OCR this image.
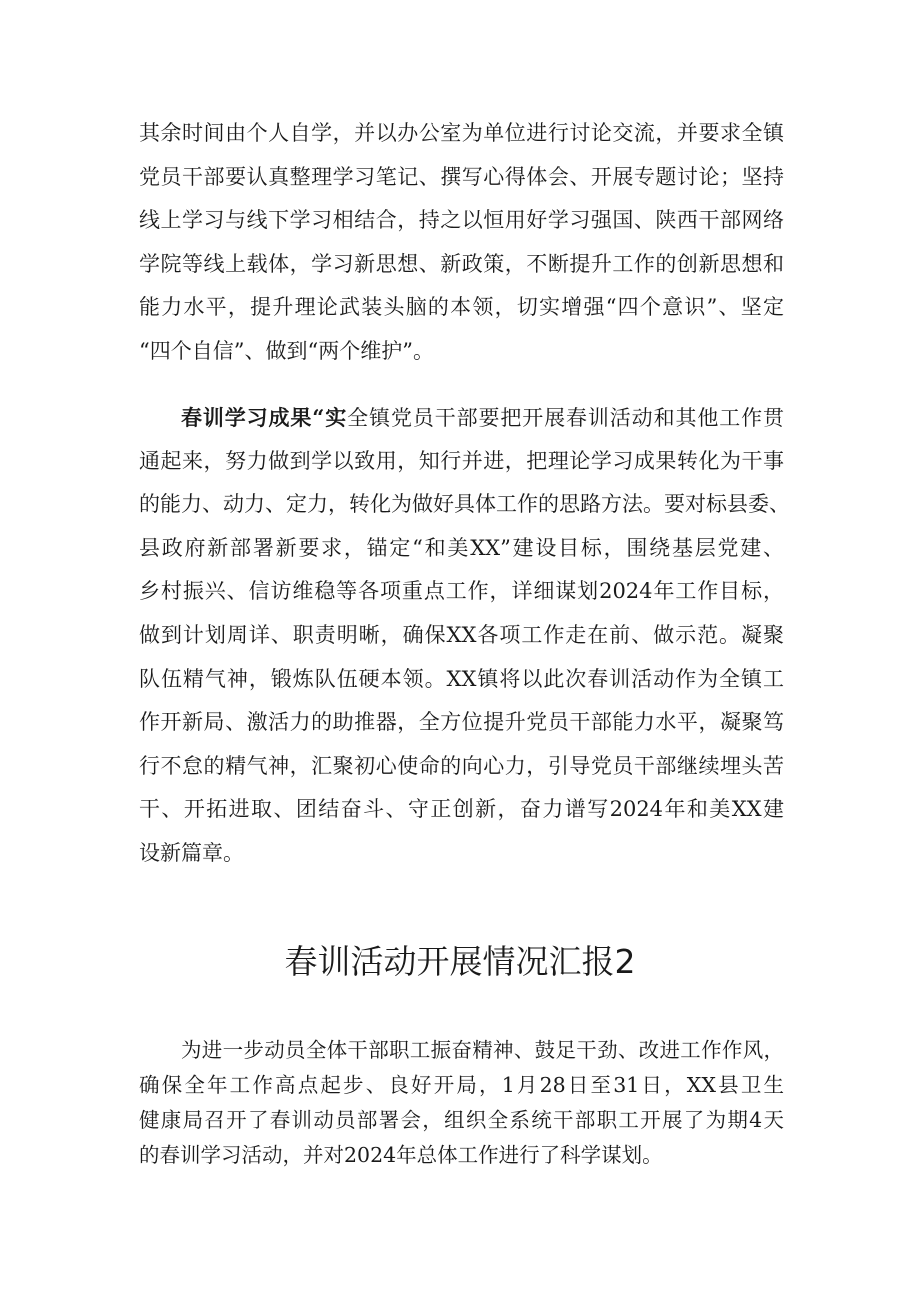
其余时间由个人自学，并以办公室为单位进行讨论交流，并要求全镇
党员干部要认真整理学习笔记、撰写心得体会、开展专题讨论；坚持
线上学习与线下学习相结合，持之以恒用好学习强国、陕西干部网络
学院等线上载体，学习新思想、新政策，不断提升工作的创新思想和
能力水平，提升理论武装头脑的本领，切实增强“四个意识”、坚定
“四个自信”、做到“两个维护”。
春训学习成果“实全镇党员干部要把开展春训活动和其他工作贯
通起来，努力做到学以致用，知行并进，把理论学习成果转化为干事
的能力、动力、定力，转化为做好具体工作的思路方法。要对标县委、
县政府新部署新要求，锚定“和美XX”建设目标，围绕基层党建、
乡村振兴、信访维稳等各项重点工作，详细谋划2024年工作目标，
做到计划周详、职责明晰，确保XX各项工作走在前、做示范。凝聚
队伍精气神，锻炼队伍硬本领。XX镇将以此次春训活动作为全镇工
作开新局、激活力的助推器，全方位提升党员干部能力水平，凝聚笃
行不怠的精气神，汇聚初心使命的向心力，引导党员干部继续埋头苦
干、开拓进取、团结奋斗、守正创新，奋力谱写2024年和美XX建
设新篇章。
春训活动开展情况汇报2
为进一步动员全体干部职工振奋精神、鼓足干劲、改进工作作风，
确保全年工作高点起步、良好开局，1月28日至31日，XX县卫生
健康局召开了春训动员部署会，组织全系统干部职工开展了为期4天
的春训学习活动，并对2024年总体工作进行了科学谋划。
